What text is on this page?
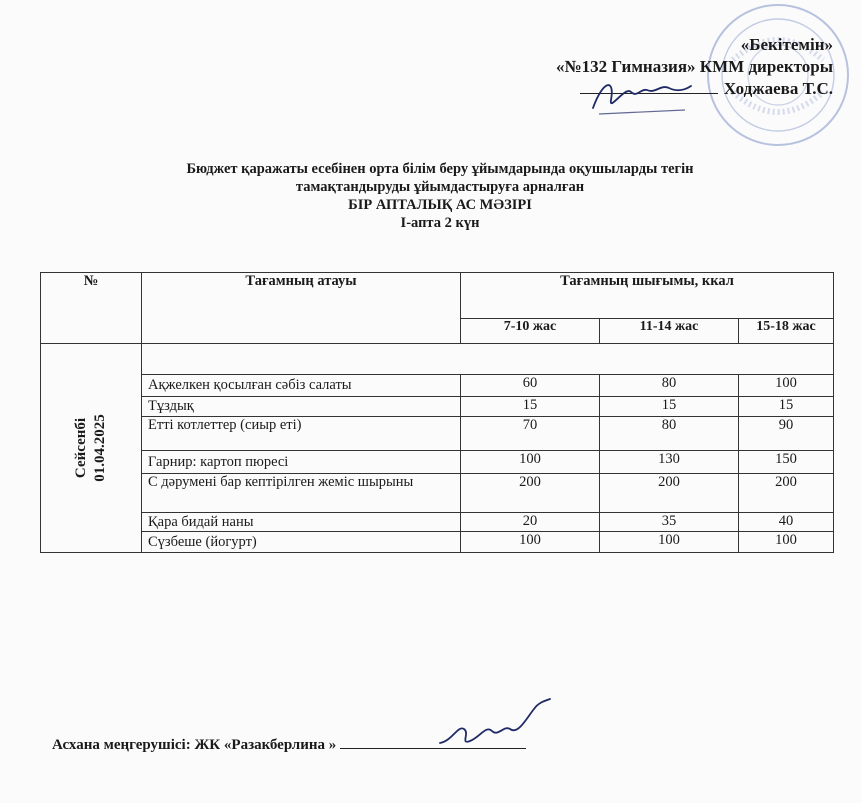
«Бекітемін»
«№132 Гимназия» КММ директоры
Ходжаева Т.С.
Бюджет қаражаты есебінен орта білім беру ұйымдарында оқушыларды тегін
тамақтандыруды ұйымдастыруға арналған
БІР АПТАЛЫҚ АС МӘЗІРІ
І-апта 2 күн
№	Тағамның атауы	Тағамның шығымы, ккал		
		7-10 жас	11-14 жас	15-18 жас
Сейсенбі 01.04.2025				
	Ақжелкен қосылған сәбіз салаты	60	80	100
	Тұздық	15	15	15
	Етті котлеттер (сиыр еті)	70	80	90
	Гарнир: картоп пюресі	100	130	150
	С дәрумені бар кептірілген жеміс шырыны	200	200	200
	Қара бидай наны	20	35	40
	Сүзбеше (йогурт)	100	100	100
Асхана меңгерушісі: ЖК «Разакберлина »
